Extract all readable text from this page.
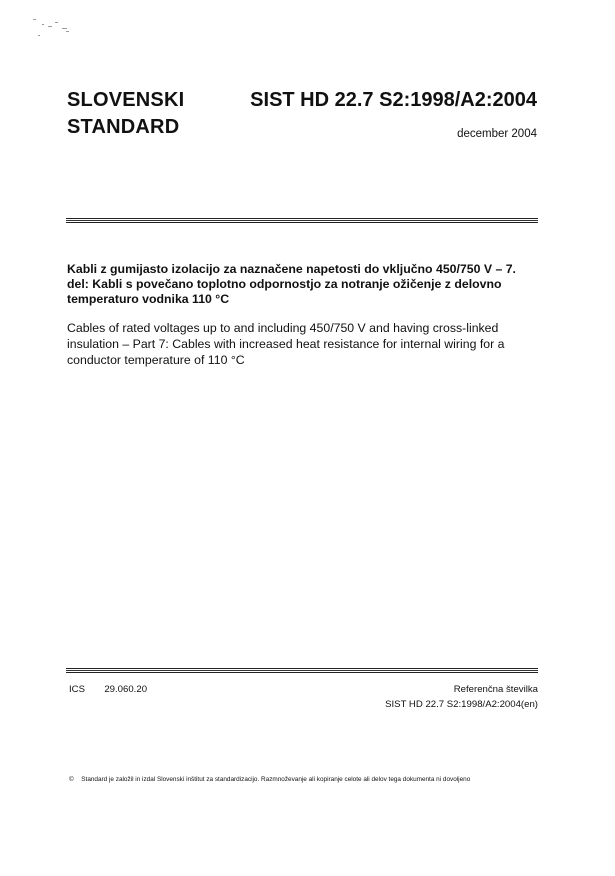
SLOVENSKI
STANDARD
SIST HD 22.7 S2:1998/A2:2004
december 2004
Kabli z gumijasto izolacijo za naznačene napetosti do vključno 450/750 V – 7. del: Kabli s povečano toplotno odpornostjo za notranje ožičenje z delovno temperaturo vodnika 110 °C
Cables of rated voltages up to and including 450/750 V and having cross-linked insulation – Part 7: Cables with increased heat resistance for internal wiring for a conductor temperature of 110 °C
ICS 29.060.20	Referenčna številka
SIST HD 22.7 S2:1998/A2:2004(en)
© Standard je založil in izdal Slovenski inštitut za standardizacijo. Razmnoževanje ali kopiranje celote ali delov tega dokumenta ni dovoljeno
